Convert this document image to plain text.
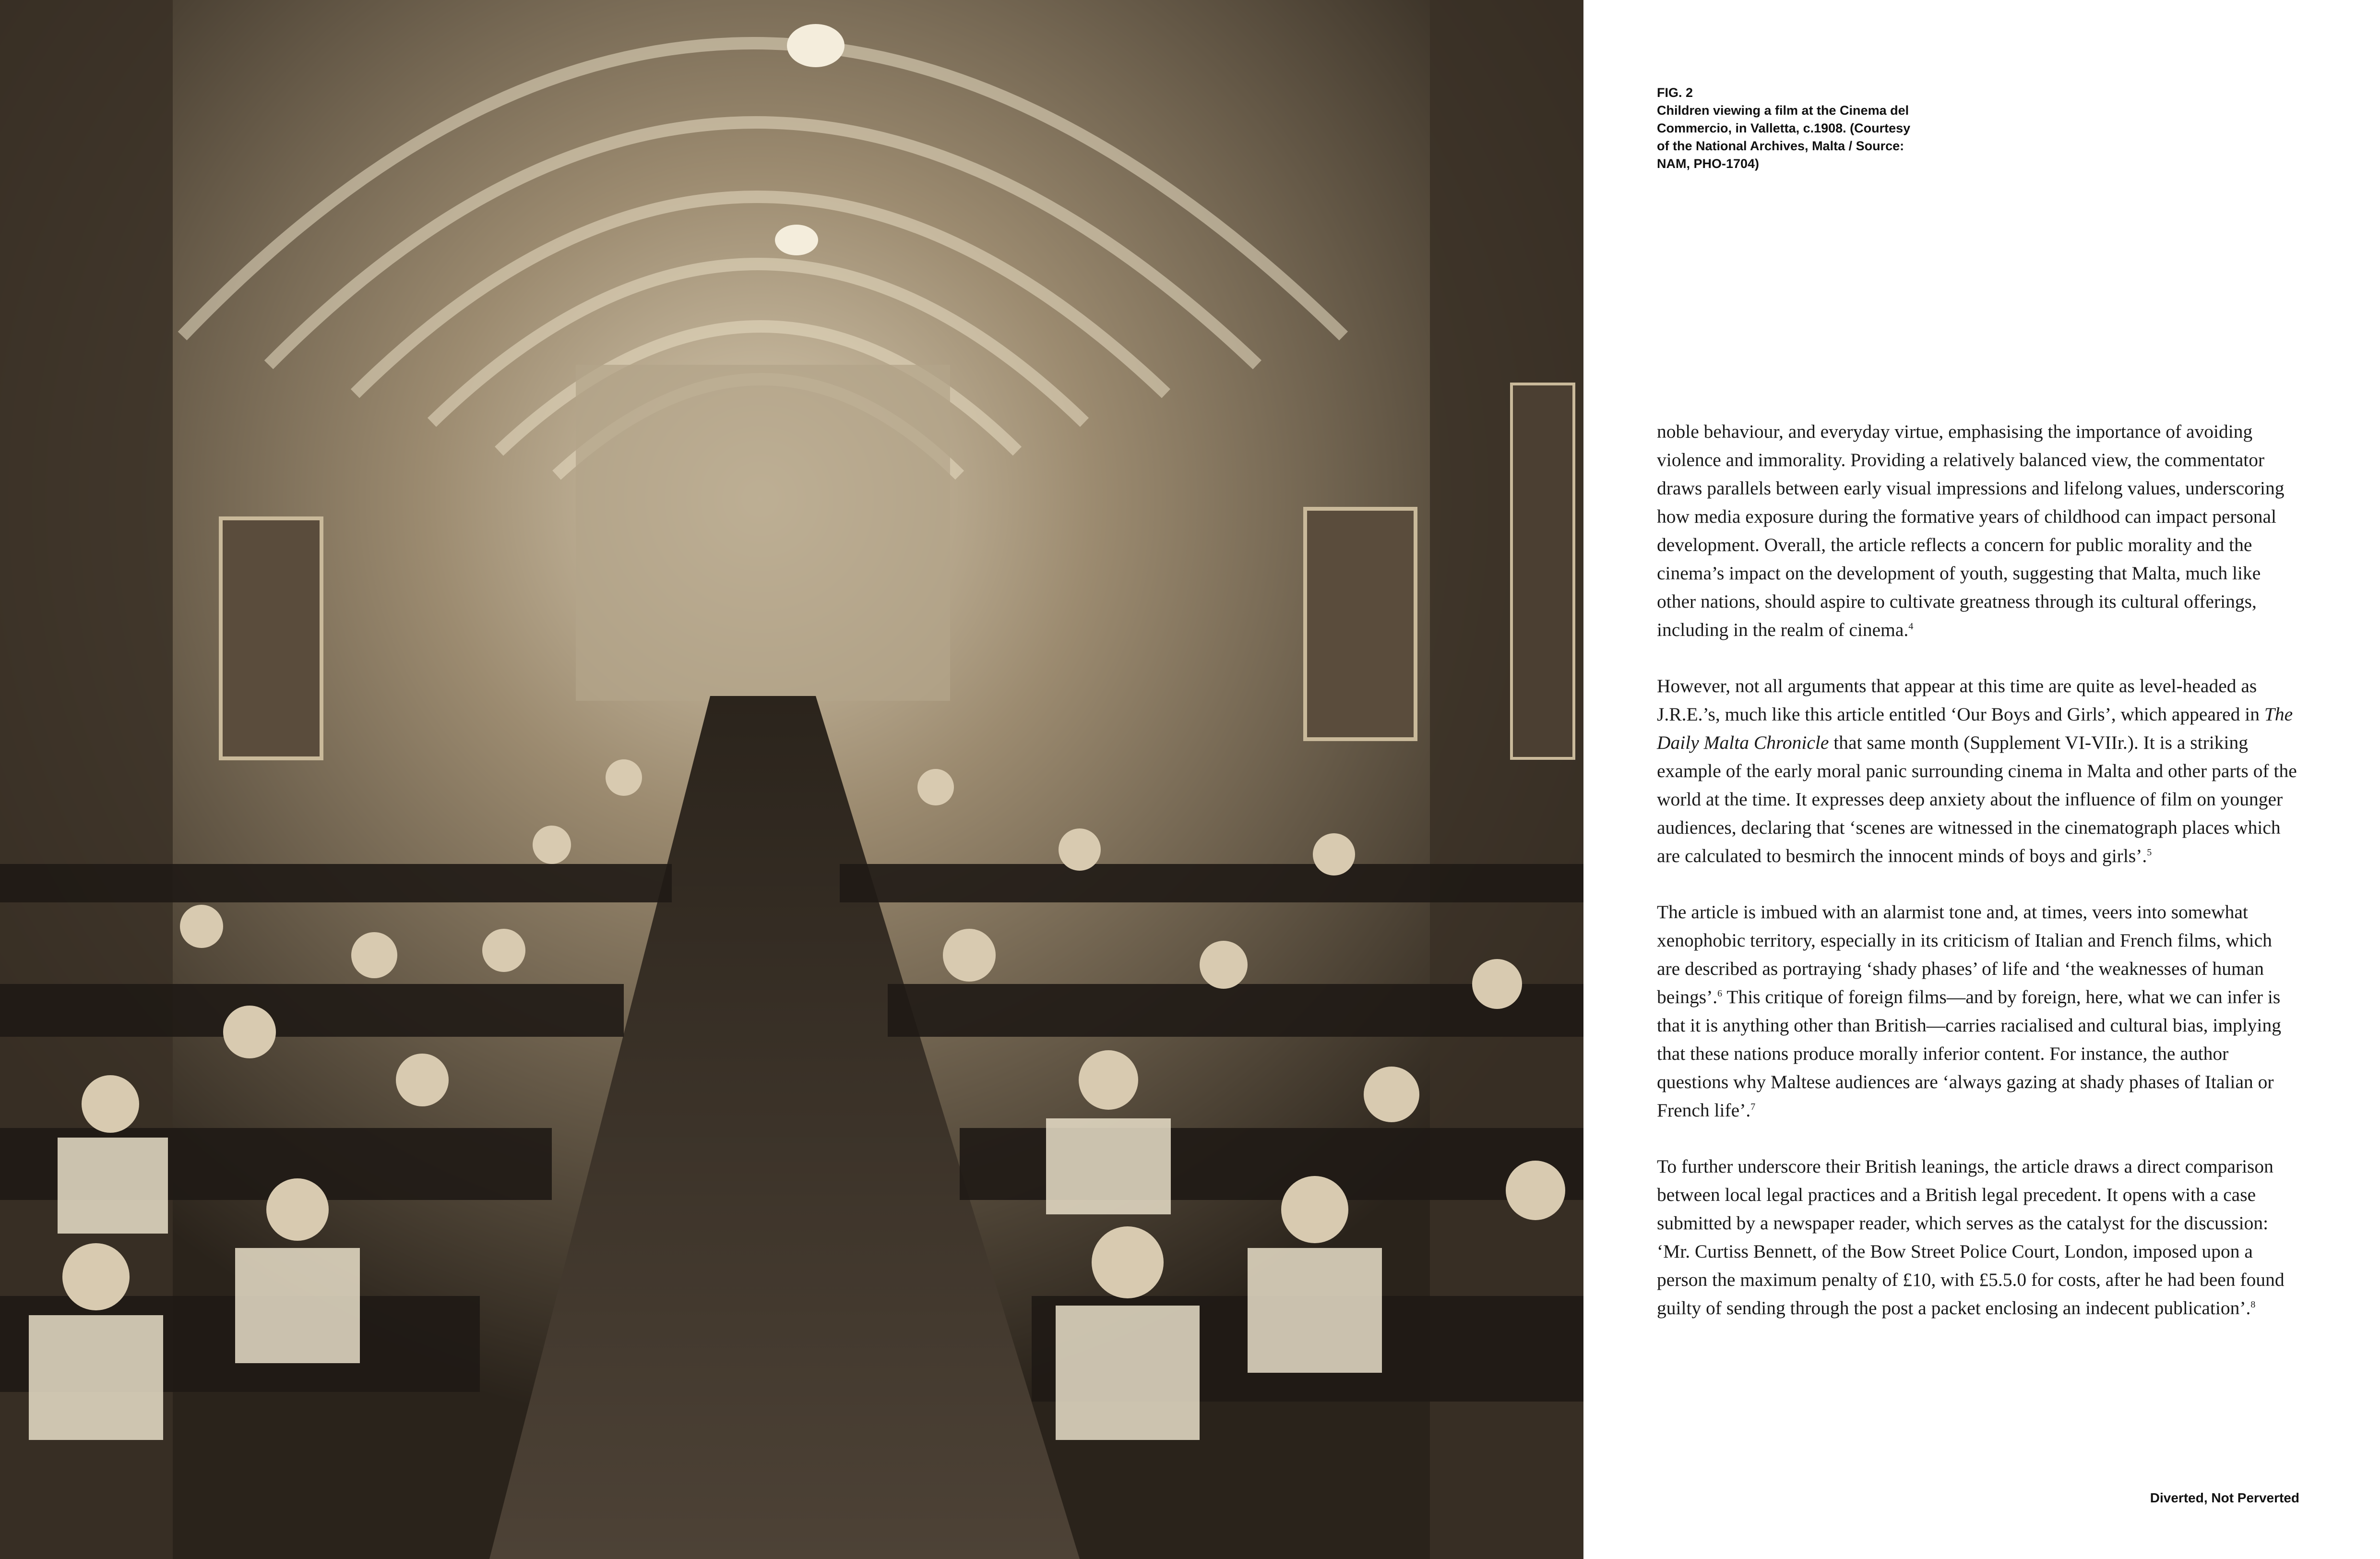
FIG. 2
Children viewing a film at the Cinema del Commercio, in Valletta, c.1908. (Courtesy of the National Archives, Malta / Source: NAM, PHO-1704)

noble behaviour, and everyday virtue, emphasising the importance of avoiding violence and immorality. Providing a relatively balanced view, the commentator draws parallels between early visual impressions and lifelong values, underscoring how media exposure during the formative years of childhood can impact personal development. Overall, the article reflects a concern for public morality and the cinema’s impact on the development of youth, suggesting that Malta, much like other nations, should aspire to cultivate greatness through its cultural offerings, including in the realm of cinema.$^4$

However, not all arguments that appear at this time are quite as level-headed as J.R.E.’s, much like this article entitled ‘Our Boys and Girls’, which appeared in The Daily Malta Chronicle that same month (Supplement VI-VIIr.). It is a striking example of the early moral panic surrounding cinema in Malta and other parts of the world at the time. It expresses deep anxiety about the influence of film on younger audiences, declaring that ‘scenes are witnessed in the cinematograph places which are calculated to besmirch the innocent minds of boys and girls’.$^5$

The article is imbued with an alarmist tone and, at times, veers into somewhat xenophobic territory, especially in its criticism of Italian and French films, which are described as portraying ‘shady phases’ of life and ‘the weaknesses of human beings’.$^6$ This critique of foreign films—and by foreign, here, what we can infer is that it is anything other than British—carries racialised and cultural bias, implying that these nations produce morally inferior content. For instance, the author questions why Maltese audiences are ‘always gazing at shady phases of Italian or French life’.$^7$

To further underscore their British leanings, the article draws a direct comparison between local legal practices and a British legal precedent. It opens with a case submitted by a newspaper reader, which serves as the catalyst for the discussion: ‘Mr. Curtiss Bennett, of the Bow Street Police Court, London, imposed upon a person the maximum penalty of £10, with £5.5.0 for costs, after he had been found guilty of sending through the post a packet enclosing an indecent publication’.$^8$

Diverted, Not Perverted
